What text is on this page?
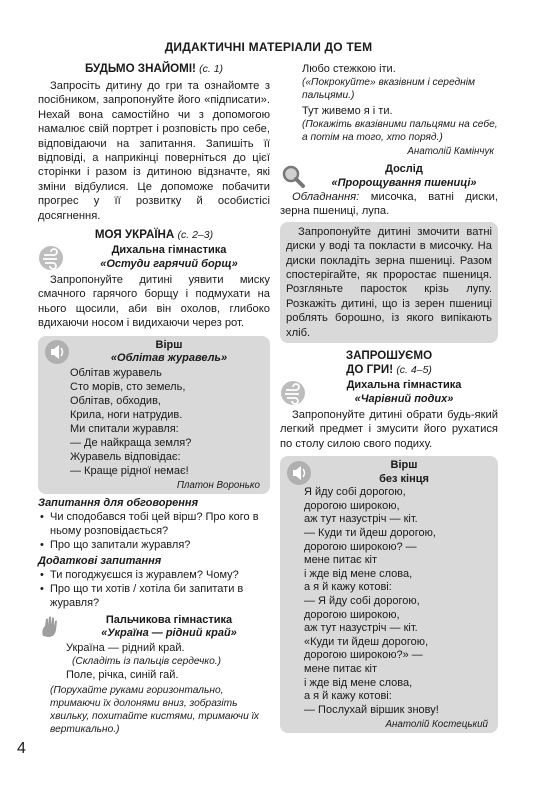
ДИДАКТИЧНІ МАТЕРІАЛИ ДО ТЕМ

БУДЬМО ЗНАЙОМІ! (с. 1)

Запросіть дитину до гри та ознайомте з посібником, запропонуйте його «підписати». Нехай вона самостійно чи з допомогою намалює свій портрет і розповість про себе, відповідаючи на запитання. Запишіть її відповіді, а наприкінці поверніться до цієї сторінки і разом із дитиною відзначте, які зміни відбулися. Це допоможе побачити прогрес у її розвитку й особистісі досягнення.

МОЯ УКРАЇНА (с. 2–3)

Дихальна гімнастика
«Остуди гарячий борщ»

Запропонуйте дитині уявити миску смачного гарячого борщу і подмухати на нього щосили, аби він охолов, глибоко вдихаючи носом і видихаючи через рот.

Вірш
«Облітав журавель»
Облітав журавель
Сто морів, сто земель,
Облітав, обходив,
Крила, ноги натрудив.
Ми спитали журавля:
— Де найкраща земля?
Журавель відповідає:
— Краще рідної немає!
Платон Воронько
Запитання для обговорення
• Чи сподобався тобі цей вірш? Про кого в ньому розповідається?
• Про що запитали журавля?
Додаткові запитання
• Ти погоджуєшся із журавлем? Чому?
• Про що ти хотів / хотіла би запитати в журавля?
Пальчикова гімнастика
«Україна — рідний край»
Україна — рідний край.
(Складіть із пальців сердечко.)
Поле, річка, синій гай.
(Порухайте руками горизонтально, тримаючи їх долонями вниз, зобразіть хвильку, похитайте кистями, тримаючи їх вертикально.)
Любо стежкою іти.
(«Покрокуйте» вказівним і середнім пальцями.)
Тут живемо я і ти.
(Покажіть вказівними пальцями на себе, а потім на того, хто поряд.)
Анатолій Камінчук
Дослід
«Пророщування пшениці»

Обладнання: мисочка, ватні диски, зерна пшениці, лупа.

Запропонуйте дитині змочити ватні диски у воді та покласти в мисочку. На диски покладіть зерна пшениці. Разом спостерігайте, як проростає пшениця. Розгляньте паросток крізь лупу. Розкажіть дитині, що із зерен пшениці роблять борошно, із якого випікають хліб.

ЗАПРОШУЄМО
ДО ГРИ! (с. 4–5)

Дихальна гімнастика
«Чарівний подих»

Запропонуйте дитині обрати будь-який легкий предмет і змусити його рухатися по столу силою свого подиху.

Вірш
без кінця
Я йду собі дорогою,
дорогою широкою,
аж тут назустріч — кіт.
— Куди ти йдеш дорогою,
дорогою широкою? —
мене питає кіт
і жде від мене слова,
а я й кажу котові:
— Я йду собі дорогою,
дорогою широкою,
аж тут назустріч — кіт.
«Куди ти йдеш дорогою,
дорогою широкою?» —
мене питає кіт
і жде від мене слова,
а я й кажу котові:
— Послухай віршик знову!
Анатолій Костецький
4
